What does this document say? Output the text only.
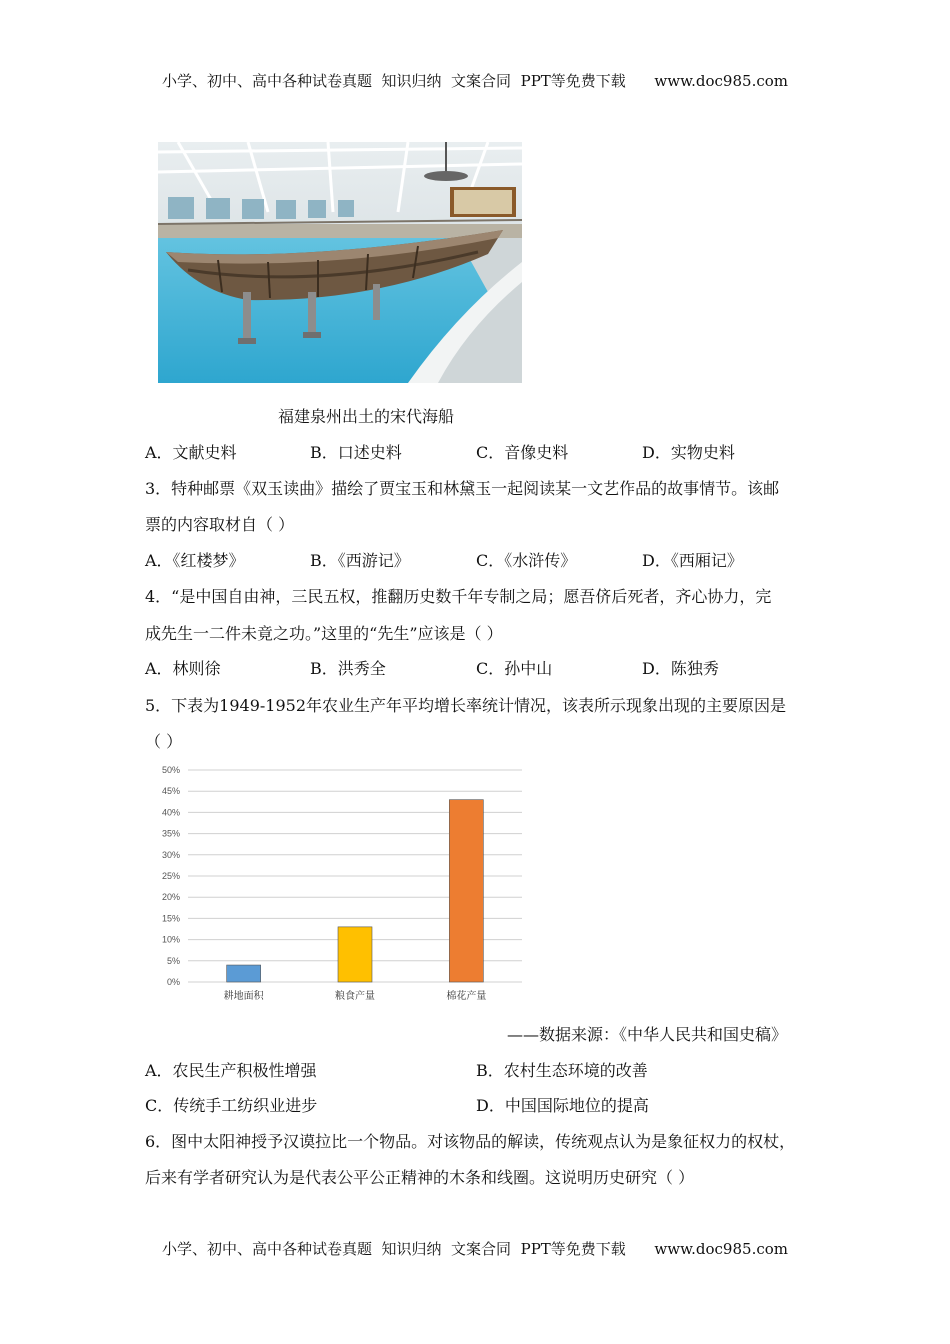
小学、初中、高中各种试卷真题  知识归纳  文案合同  PPT等免费下载      www.doc985.com
福建泉州出土的宋代海船
A．文献史料	B．口述史料	C．音像史料	D．实物史料
3．特种邮票《双玉读曲》描绘了贾宝玉和林黛玉一起阅读某一文艺作品的故事情节。该邮
票的内容取材自（ ）
A．《红楼梦》	B．《西游记》	C．《水浒传》	D．《西厢记》
4．“是中国自由神，三民五权，推翻历史数千年专制之局；愿吾侪后死者，齐心协力，完
成先生一二件未竟之功。”这里的“先生”应该是（ ）
A．林则徐	B．洪秀全	C．孙中山	D．陈独秀
5．下表为1949-1952年农业生产年平均增长率统计情况，该表所示现象出现的主要原因是
（ ）
0%
5%
10%
15%
20%
25%
30%
35%
40%
45%
50%
耕地面积	粮食产量	棉花产量
——数据来源：《中华人民共和国史稿》
A．农民生产积极性增强	B．农村生态环境的改善
C．传统手工纺织业进步	D．中国国际地位的提高
6．图中太阳神授予汉谟拉比一个物品。对该物品的解读，传统观点认为是象征权力的权杖，
后来有学者研究认为是代表公平公正精神的木条和线圈。这说明历史研究（ ）
小学、初中、高中各种试卷真题  知识归纳  文案合同  PPT等免费下载      www.doc985.com
